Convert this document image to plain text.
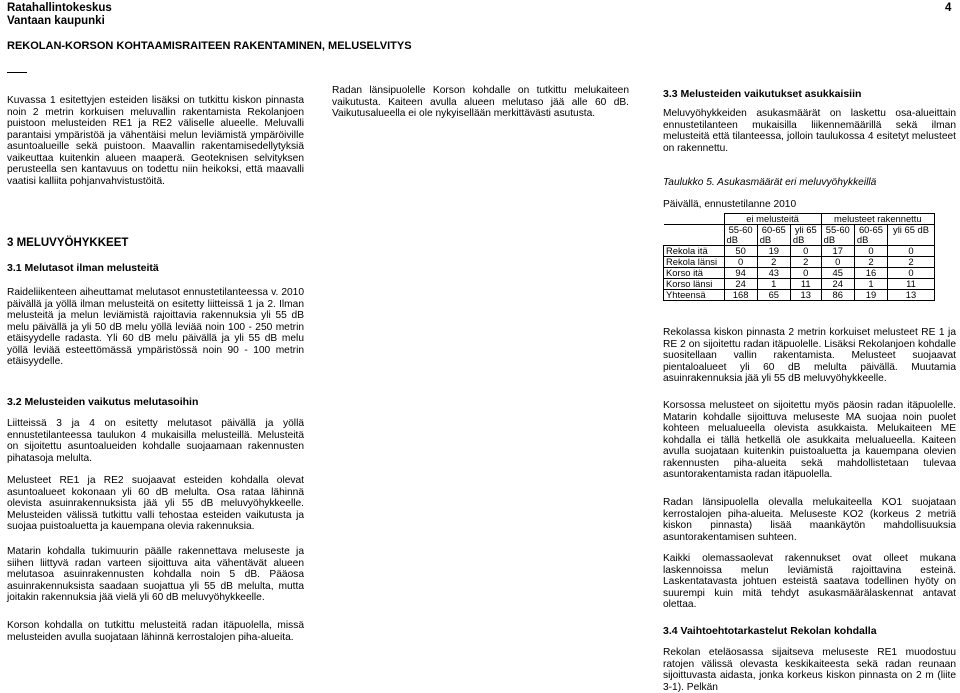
Ratahallintokeskus
Vantaan kaupunki
4
REKOLAN-KORSON KOHTAAMISRAITEEN RAKENTAMINEN, MELUSELVITYS

Kuvassa 1 esitettyjen esteiden lisäksi on tutkittu kiskon pinnasta noin 2 metrin korkuisen meluvallin rakentamista Rekolanjoen puistoon melusteiden RE1 ja RE2 väliselle alueelle. Meluvalli parantaisi ympäristöä ja vähentäisi melun leviämistä ympäröiville asuntoalueille sekä puistoon. Maavallin rakentamisedellytyksiä vaikeuttaa kuitenkin alueen maaperä. Geoteknisen selvityksen perusteella sen kantavuus on todettu niin heikoksi, että maavalli vaatisi kalliita pohjanvahvistustöitä.

3 MELUVYÖHYKKEET
3.1 Melutasot ilman melusteitä

Raideliikenteen aiheuttamat melutasot ennustetilanteessa v. 2010 päivällä ja yöllä ilman melusteitä on esitetty liitteissä 1 ja 2. Ilman melusteitä ja melun leviämistä rajoittavia rakennuksia yli 55 dB melu päivällä ja yli 50 dB melu yöllä leviää noin 100 - 250 metrin etäisyydelle radasta. Yli 60 dB melu päivällä ja yli 55 dB melu yöllä leviää esteettömässä ympäristössä noin 90 - 100 metrin etäisyydelle.

3.2 Melusteiden vaikutus melutasoihin

Liitteissä 3 ja 4 on esitetty melutasot päivällä ja yöllä ennustetilanteessa taulukon 4 mukaisilla melusteillä. Melusteitä on sijoitettu asuntoalueiden kohdalle suojaamaan rakennusten pihatasoja melulta.

Melusteet RE1 ja RE2 suojaavat esteiden kohdalla olevat asuntoalueet kokonaan yli 60 dB melulta. Osa rataa lähinnä olevista asuinrakennuksista jää yli 55 dB meluvyöhykkeelle. Melusteiden välissä tutkittu valli tehostaa esteiden vaikutusta ja suojaa puistoaluetta ja kauempana olevia rakennuksia.

Matarin kohdalla tukimuurin päälle rakennettava meluseste ja siihen liittyvä radan varteen sijoittuva aita vähentävät alueen melutasoa asuinrakennusten kohdalla noin 5 dB. Pääosa asuinrakennuksista saadaan suojattua yli 55 dB melulta, mutta joitakin rakennuksia jää vielä yli 60 dB meluvyöhykkeelle.

Korson kohdalla on tutkittu melusteitä radan itäpuolella, missä melusteiden avulla suojataan lähinnä kerrostalojen piha-alueita.

Radan länsipuolelle Korson kohdalle on tutkittu melukaiteen vaikutusta. Kaiteen avulla alueen melutaso jää alle 60 dB. Vaikutusalueella ei ole nykyisellään merkittävästi asutusta.

3.3 Melusteiden vaikutukset asukkaisiin

Meluvyöhykkeiden asukasmäärät on laskettu osa-alueittain ennustetilanteen mukaisilla liikennemäärillä sekä ilman melusteitä että tilanteessa, jolloin taulukossa 4 esitetyt melusteet on rakennettu.

Taulukko 5. Asukasmäärät eri meluvyöhykkeillä
Päivällä, ennustetilanne 2010
	ei melusteitä			melusteet rakennettu		
	55-60	60-65	yli 65	55-60	60-65	yli 65 dB
	dB	dB	dB	dB	dB	
Rekola itä	50	19	0	17	0	0
Rekola länsi	0	2	2	0	2	2
Korso itä	94	43	0	45	16	0
Korso länsi	24	1	11	24	1	11
Yhteensä	168	65	13	86	19	13

Rekolassa kiskon pinnasta 2 metrin korkuiset melusteet RE 1 ja RE 2 on sijoitettu radan itäpuolelle. Lisäksi Rekolanjoen kohdalle suositellaan vallin rakentamista. Melusteet suojaavat pientaloalueet yli 60 dB melulta päivällä. Muutamia asuinrakennuksia jää yli 55 dB meluvyöhykkeelle.

Korsossa melusteet on sijoitettu myös päosin radan itäpuolelle. Matarin kohdalle sijoittuva meluseste MA suojaa noin puolet kohteen melualueella olevista asukkaista. Melukaiteen ME kohdalla ei tällä hetkellä ole asukkaita melualueella. Kaiteen avulla suojataan kuitenkin puistoaluetta ja kauempana olevien rakennusten piha-alueita sekä mahdollistetaan tulevaa asuntorakentamista radan itäpuolella.

Radan länsipuolella olevalla melukaiteella KO1 suojataan kerrostalojen piha-alueita. Meluseste KO2 (korkeus 2 metriä kiskon pinnasta) lisää maankäytön mahdollisuuksia asuntorakentamisen suhteen.

Kaikki olemassaolevat rakennukset ovat olleet mukana laskennoissa melun leviämistä rajoittavina esteinä. Laskentatavasta johtuen esteistä saatava todellinen hyöty on suurempi kuin mitä tehdyt asukasmäärälaskennat antavat olettaa.

3.4 Vaihtoehtotarkastelut Rekolan kohdalla

Rekolan eteläosassa sijaitseva meluseste RE1 muodostuu ratojen välissä olevasta keskikaiteesta sekä radan reunaan sijoittuvasta aidasta, jonka korkeus kiskon pinnasta on 2 m (liite 3-1). Pelkän
